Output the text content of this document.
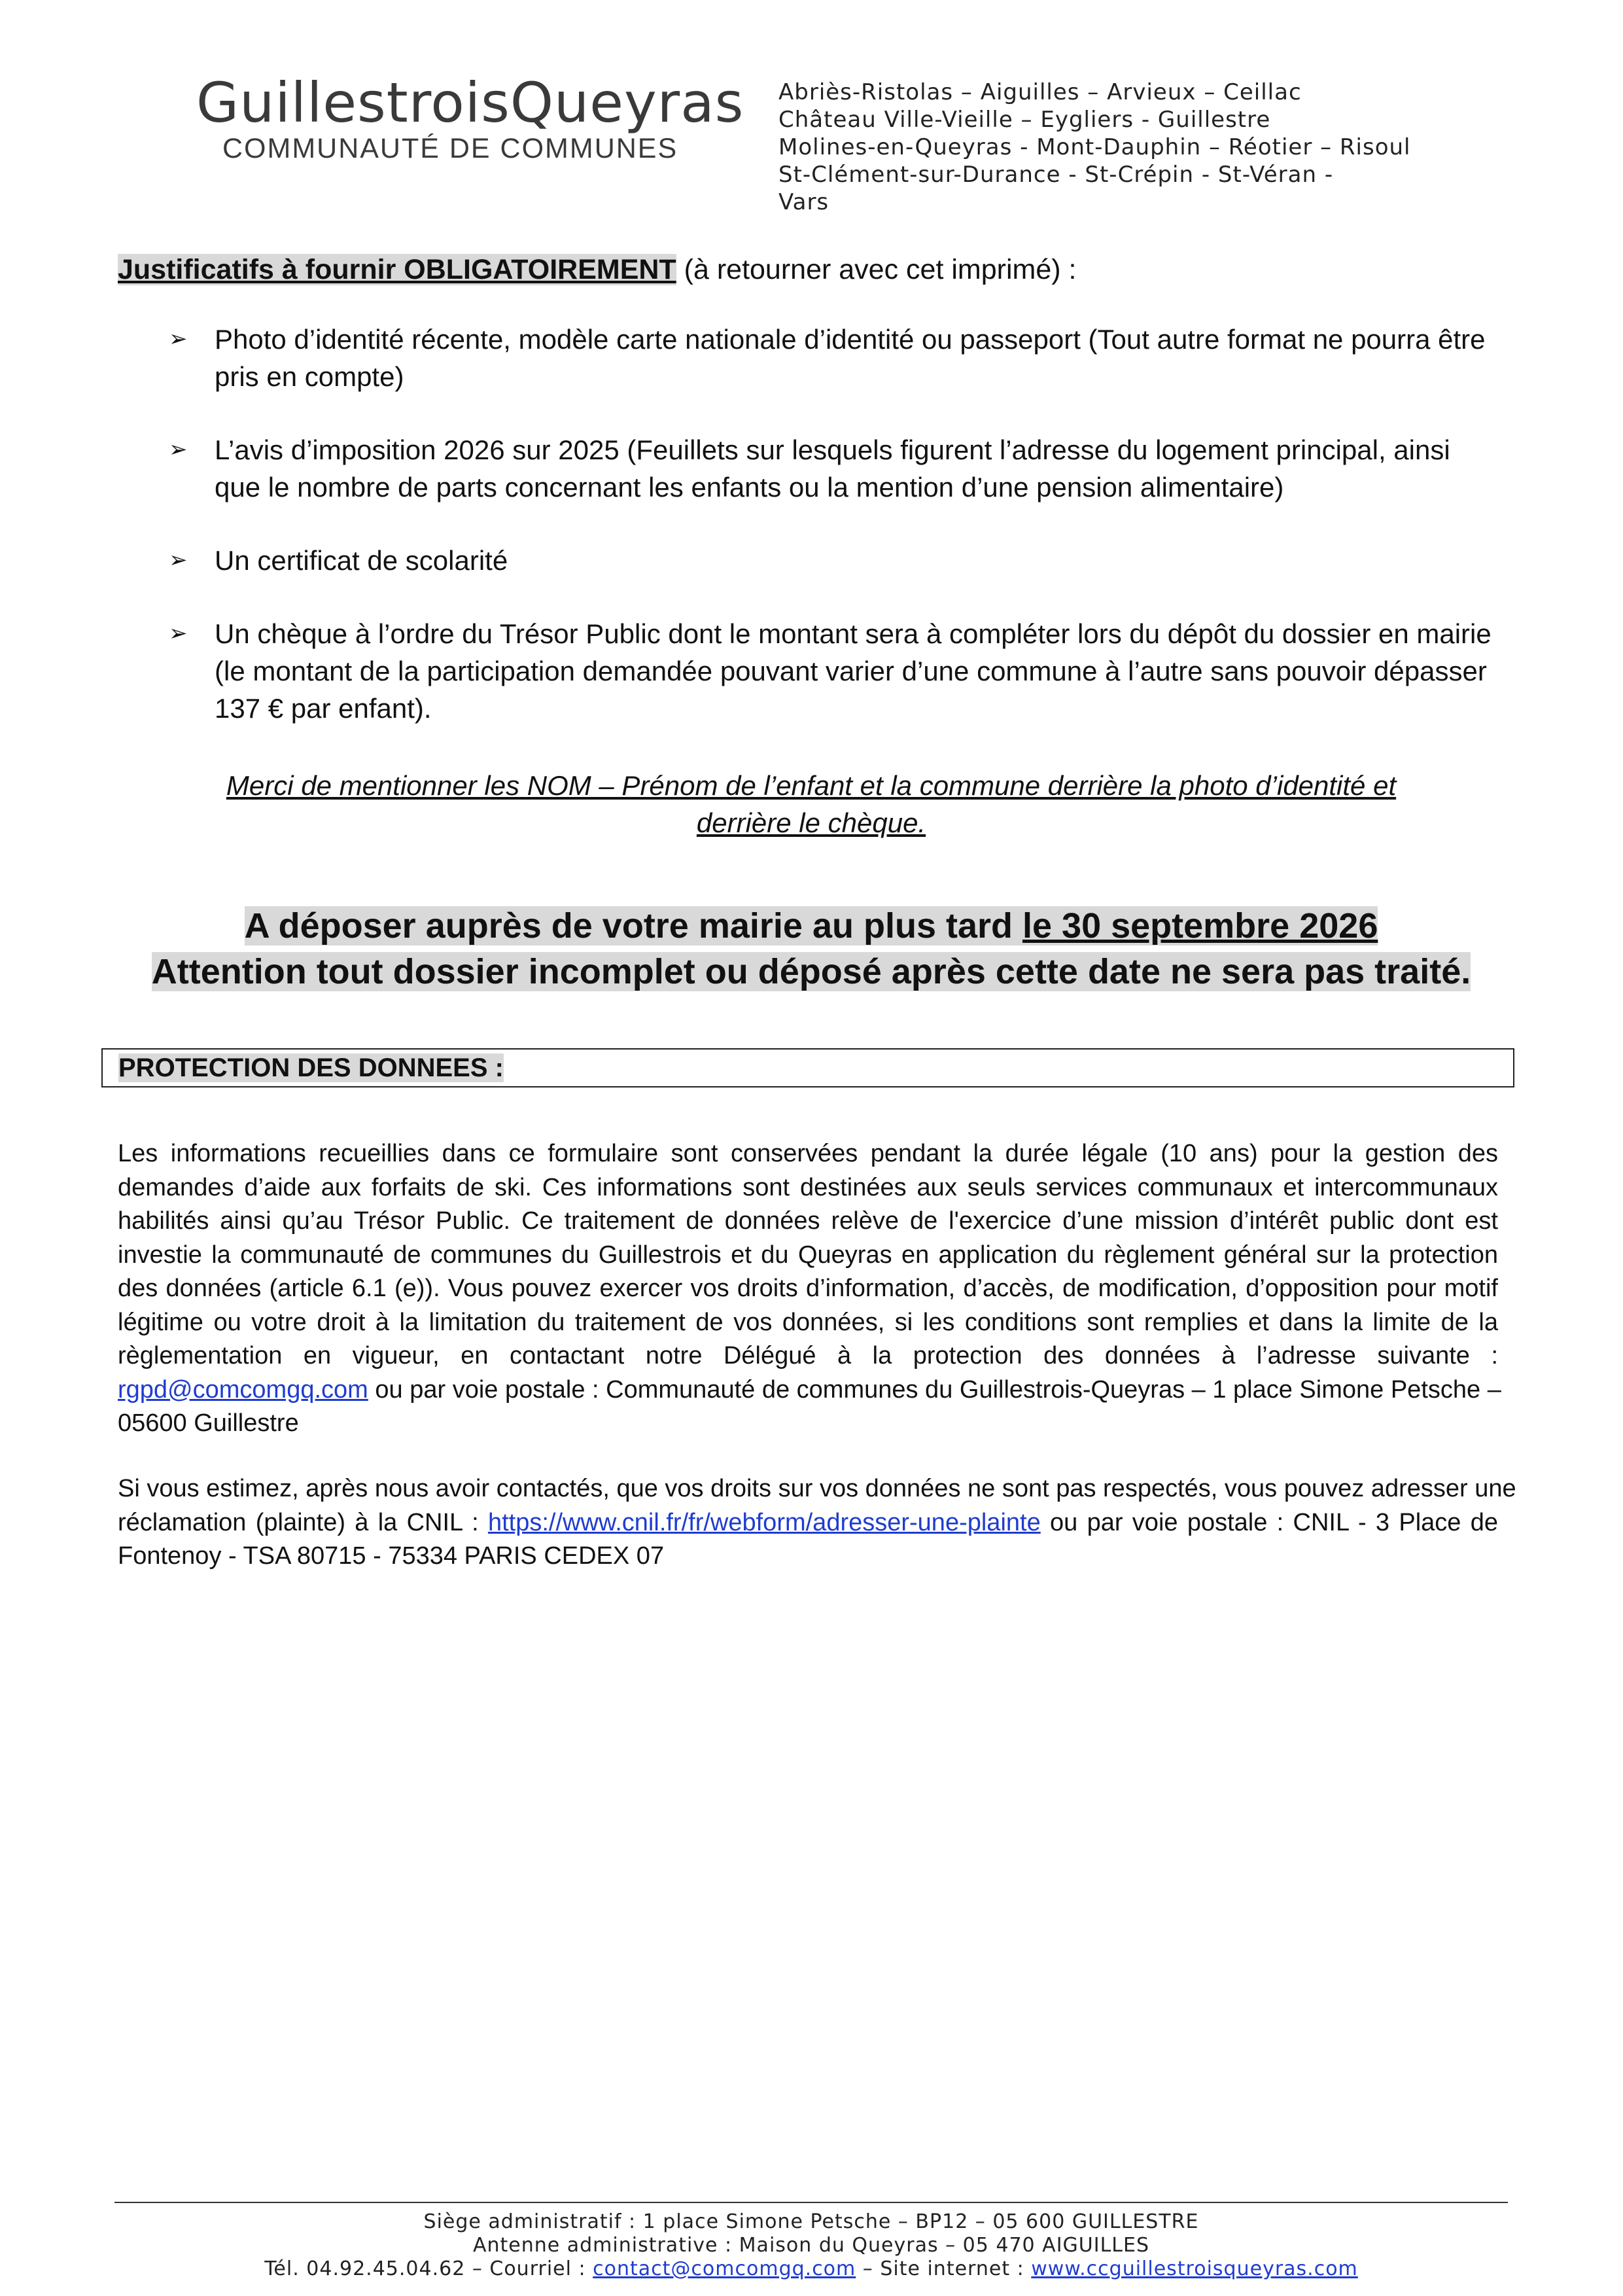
GuillestroisQueyras
COMMUNAUTÉ DE COMMUNES
Abriès-Ristolas – Aiguilles – Arvieux – Ceillac
Château Ville-Vieille – Eygliers - Guillestre
Molines-en-Queyras - Mont-Dauphin – Réotier – Risoul
St-Clément-sur-Durance - St-Crépin - St-Véran -
Vars
Justificatifs à fournir OBLIGATOIREMENT (à retourner avec cet imprimé) :
➢ Photo d’identité récente, modèle carte nationale d’identité ou passeport (Tout autre format ne pourra être pris en compte)
➢ L’avis d’imposition 2026 sur 2025 (Feuillets sur lesquels figurent l’adresse du logement principal, ainsi que le nombre de parts concernant les enfants ou la mention d’une pension alimentaire)
➢ Un certificat de scolarité
➢ Un chèque à l’ordre du Trésor Public dont le montant sera à compléter lors du dépôt du dossier en mairie (le montant de la participation demandée pouvant varier d’une commune à l’autre sans pouvoir dépasser 137 € par enfant).
Merci de mentionner les NOM – Prénom de l’enfant et la commune derrière la photo d’identité et
derrière le chèque.
A déposer auprès de votre mairie au plus tard le 30 septembre 2026
Attention tout dossier incomplet ou déposé après cette date ne sera pas traité.
PROTECTION DES DONNEES :
Les informations recueillies dans ce formulaire sont conservées pendant la durée légale (10 ans) pour la gestion des
demandes d’aide aux forfaits de ski. Ces informations sont destinées aux seuls services communaux et intercommunaux
habilités ainsi qu’au Trésor Public. Ce traitement de données relève de l'exercice d’une mission d’intérêt public dont est
investie la communauté de communes du Guillestrois et du Queyras en application du règlement général sur la protection
des données (article 6.1 (e)). Vous pouvez exercer vos droits d’information, d’accès, de modification, d’opposition pour motif
légitime ou votre droit à la limitation du traitement de vos données, si les conditions sont remplies et dans la limite de la
règlementation en vigueur, en contactant notre Délégué à la protection des données à l’adresse suivante :
rgpd@comcomgq.com ou par voie postale : Communauté de communes du Guillestrois-Queyras – 1 place Simone Petsche –
05600 Guillestre
Si vous estimez, après nous avoir contactés, que vos droits sur vos données ne sont pas respectés, vous pouvez adresser une
réclamation (plainte) à la CNIL : https://www.cnil.fr/fr/webform/adresser-une-plainte ou par voie postale : CNIL - 3 Place de
Fontenoy - TSA 80715 - 75334 PARIS CEDEX 07
Siège administratif : 1 place Simone Petsche – BP12 – 05 600 GUILLESTRE
Antenne administrative : Maison du Queyras – 05 470 AIGUILLES
Tél. 04.92.45.04.62 – Courriel : contact@comcomgq.com – Site internet : www.ccguillestroisqueyras.com
